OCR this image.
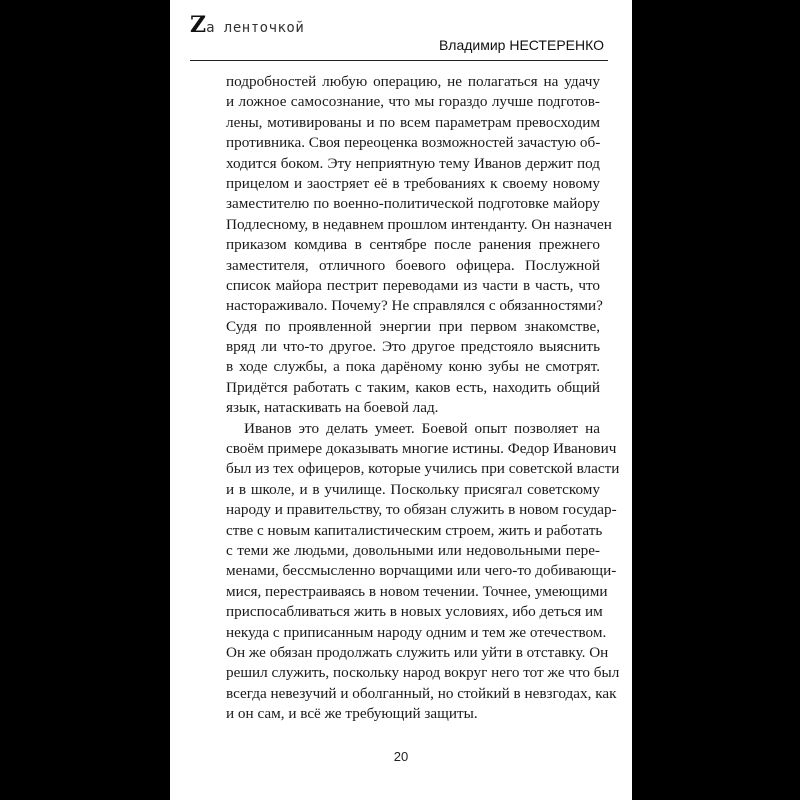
Zа ленточкой
Владимир НЕСТЕРЕНКО
подробностей любую операцию, не полагаться на удачу
и ложное самосознание, что мы гораздо лучше подготов-
лены, мотивированы и по всем параметрам превосходим
противника. Своя переоценка возможностей зачастую об-
ходится боком. Эту неприятную тему Иванов держит под
прицелом и заостряет её в требованиях к своему новому
заместителю по военно-политической подготовке майору
Подлесному, в недавнем прошлом интенданту. Он назначен
приказом комдива в сентябре после ранения прежнего
заместителя, отличного боевого офицера. Послужной
список майора пестрит переводами из части в часть, что
настораживало. Почему? Не справлялся с обязанностями?
Судя по проявленной энергии при первом знакомстве,
вряд ли что-то другое. Это другое предстояло выяснить
в ходе службы, а пока дарёному коню зубы не смотрят.
Придётся работать с таким, каков есть, находить общий
язык, натаскивать на боевой лад.
Иванов это делать умеет. Боевой опыт позволяет на
своём примере доказывать многие истины. Федор Иванович
был из тех офицеров, которые учились при советской власти
и в школе, и в училище. Поскольку присягал советскому
народу и правительству, то обязан служить в новом государ-
стве с новым капиталистическим строем, жить и работать
с теми же людьми, довольными или недовольными пере-
менами, бессмысленно ворчащими или чего-то добивающи-
мися, перестраиваясь в новом течении. Точнее, умеющими
приспосабливаться жить в новых условиях, ибо деться им
некуда с приписанным народу одним и тем же отечеством.
Он же обязан продолжать служить или уйти в отставку. Он
решил служить, поскольку народ вокруг него тот же что был
всегда невезучий и оболганный, но стойкий в невзгодах, как
и он сам, и всё же требующий защиты.
20
